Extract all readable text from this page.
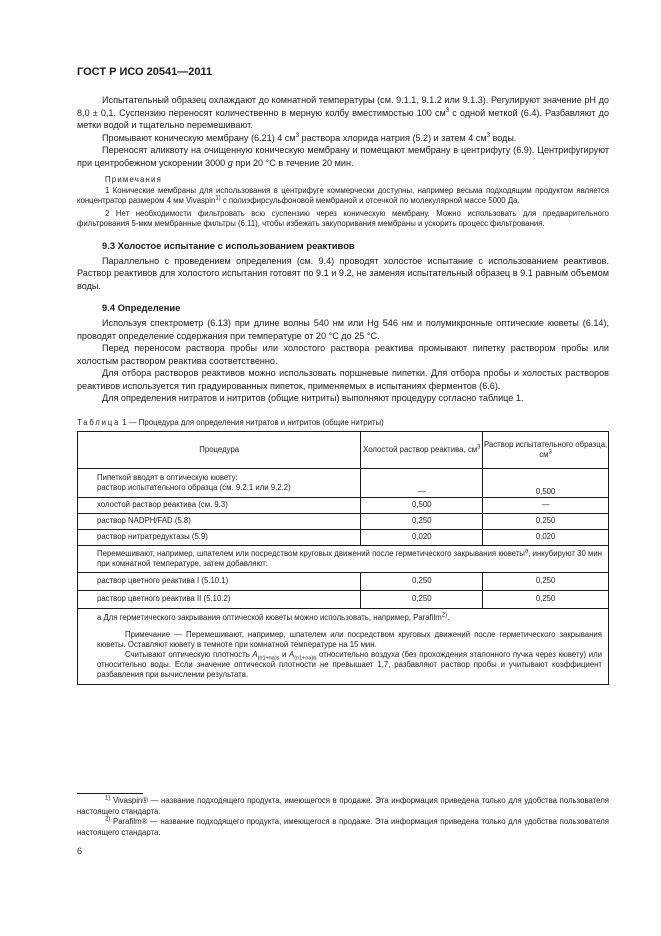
ГОСТ Р ИСО 20541—2011

Испытательный образец охлаждают до комнатной температуры (см. 9.1.1, 9.1.2 или 9.1.3). Регулируют значение рН до 8,0 ± 0,1. Суспензию переносят количественно в мерную колбу вместимостью 100 $см^3$ с одной меткой (6.4). Разбавляют до метки водой и тщательно перемешивают.

Промывают коническую мембрану (6.21) 4 $см^3$ раствора хлорида натрия (5.2) и затем 4 $см^3$ воды.

Переносят аликвоту на очищенную коническую мембрану и помещают мембрану в центрифугу (6.9). Центрифугируют при центробежном ускорении 3000 g при 20 °С в течение 20 мин.

Примечания

1 Конические мембраны для использования в центрифуге коммерчески доступны, например весьма подходящим продуктом является концентратор размером 4 мм Vivaspin$^{1)}$ с полиэфирсульфоновой мембраной и отсечкой по молекулярной массе 5000 Да.

2 Нет необходимости фильтровать всю суспензию через коническую мембрану. Можно использовать для предварительного фильтрования 5-мкм мембранные фильтры (6.11), чтобы избежать закупоривания мембраны и ускорить процесс фильтрования.

9.3 Холостое испытание с использованием реактивов

Параллельно с проведением определения (см. 9.4) проводят холостое испытание с использованием реактивов. Раствор реактивов для холостого испытания готовят по 9.1 и 9.2, не заменяя испытательный образец в 9.1 равным объемом воды.

9.4 Определение

Используя спектрометр (6.13) при длине волны 540 нм или Hg 546 нм и полумикронные оптические кюветы (6.14), проводят определение содержания при температуре от 20 °С до 25 °С.

Перед переносом раствора пробы или холостого раствора реактива промывают пипетку раствором пробы или холостым раствором реактива соответственно.

Для отбора растворов реактивов можно использовать поршневые пипетки. Для отбора пробы и холостых растворов реактивов используется тип градуированных пипеток, применяемых в испытаниях ферментов (6.6).

Для определения нитратов и нитритов (общие нитриты) выполняют процедуру согласно таблице 1.

Таблица 1 — Процедура для определения нитратов и нитритов (общие нитриты)
Процедура	Холостой раствор реактива, $см^3$	Раствор испытательного образца, $см^3$

Пипеткой вводят в оптическую кювету:
раствор испытательного образца (см. 9.2.1 или 9.2.2)	—	0,500
холостой раствор реактива (см. 9.3)	0,500	—
раствор NADPH/FAD (5.8)	0,250	0,250
раствор нитратредуктазы (5.9)	0,020	0,020
Перемешивают, например, шпателем или посредством круговых движений после герметического закрывания кюветы$^а$, инкубируют 30 мин при комнатной температуре, затем добавляют:		
раствор цветного реактива I (5.10.1)	0,250	0,250
раствор цветного реактива II (5.10.2)	0,250	0,250

а Для герметического закрывания оптической кюветы можно использовать, например, Parafilm$^{2)}$.

Примечание — Перемешивают, например, шпателем или посредством круговых движений после герметического закрывания кюветы. Оставляют кювету в темноте при комнатной температуре на 15 мин.

Считывают оптическую плотность $A_{(n1+na)s}$ и $A_{(n1+na)b}$ относительно воздуха (без прохождения эталонного пучка через кювету) или относительно воды. Если значение оптической плотности не превышает 1,7, разбавляют раствор пробы и учитывают коэффициент разбавления при вычислении результата.		

$^{1)}$ Vivaspin® — название подходящего продукта, имеющегося в продаже. Эта информация приведена только для удобства пользователя настоящего стандарта.

$^{2)}$ Parafilm® — название подходящего продукта, имеющегося в продаже. Эта информация приведена только для удобства пользователя настоящего стандарта.

6
